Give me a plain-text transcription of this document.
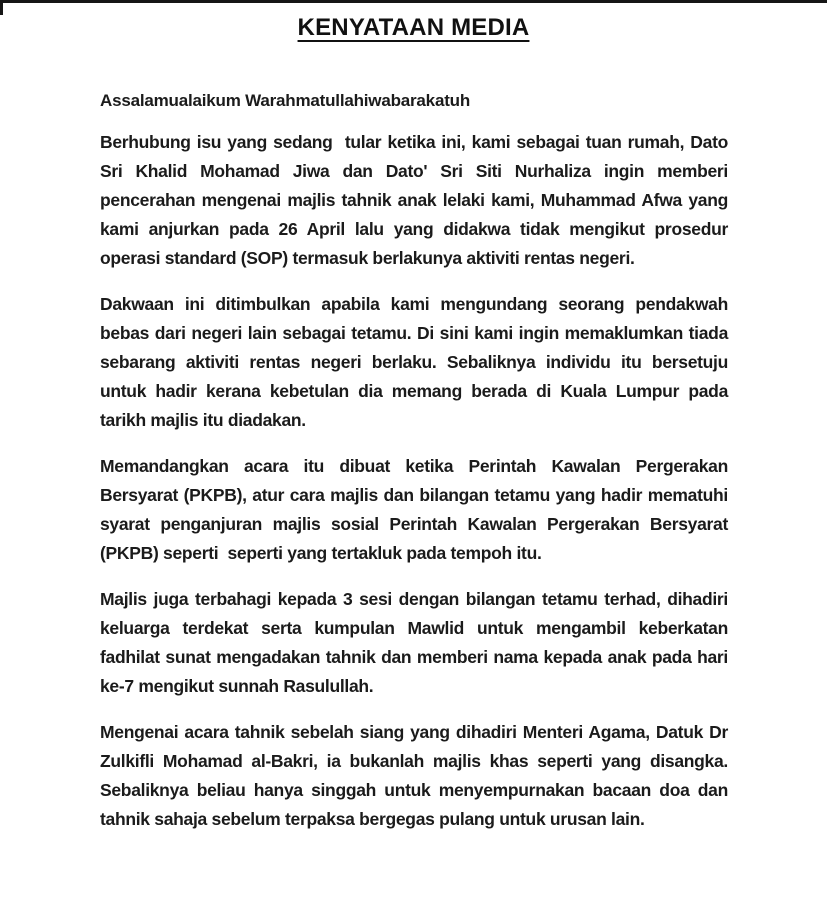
KENYATAAN MEDIA

Assalamualaikum Warahmatullahiwabarakatuh

Berhubung isu yang sedang  tular ketika ini, kami sebagai tuan rumah, Dato Sri Khalid Mohamad Jiwa dan Dato' Sri Siti Nurhaliza ingin memberi pencerahan mengenai majlis tahnik anak lelaki kami, Muhammad Afwa yang kami anjurkan pada 26 April lalu yang didakwa tidak mengikut prosedur operasi standard (SOP) termasuk berlakunya aktiviti rentas negeri.

Dakwaan ini ditimbulkan apabila kami mengundang seorang pendakwah bebas dari negeri lain sebagai tetamu. Di sini kami ingin memaklumkan tiada sebarang aktiviti rentas negeri berlaku. Sebaliknya individu itu bersetuju untuk hadir kerana kebetulan dia memang berada di Kuala Lumpur pada tarikh majlis itu diadakan.

Memandangkan acara itu dibuat ketika Perintah Kawalan Pergerakan Bersyarat (PKPB), atur cara majlis dan bilangan tetamu yang hadir mematuhi syarat penganjuran majlis sosial Perintah Kawalan Pergerakan Bersyarat (PKPB) seperti  seperti yang tertakluk pada tempoh itu.

Majlis juga terbahagi kepada 3 sesi dengan bilangan tetamu terhad, dihadiri keluarga terdekat serta kumpulan Mawlid untuk mengambil keberkatan fadhilat sunat mengadakan tahnik dan memberi nama kepada anak pada hari ke-7 mengikut sunnah Rasulullah.

Mengenai acara tahnik sebelah siang yang dihadiri Menteri Agama, Datuk Dr Zulkifli Mohamad al-Bakri, ia bukanlah majlis khas seperti yang disangka.  Sebaliknya beliau hanya singgah untuk menyempurnakan bacaan doa dan tahnik sahaja sebelum terpaksa bergegas pulang untuk urusan lain.
